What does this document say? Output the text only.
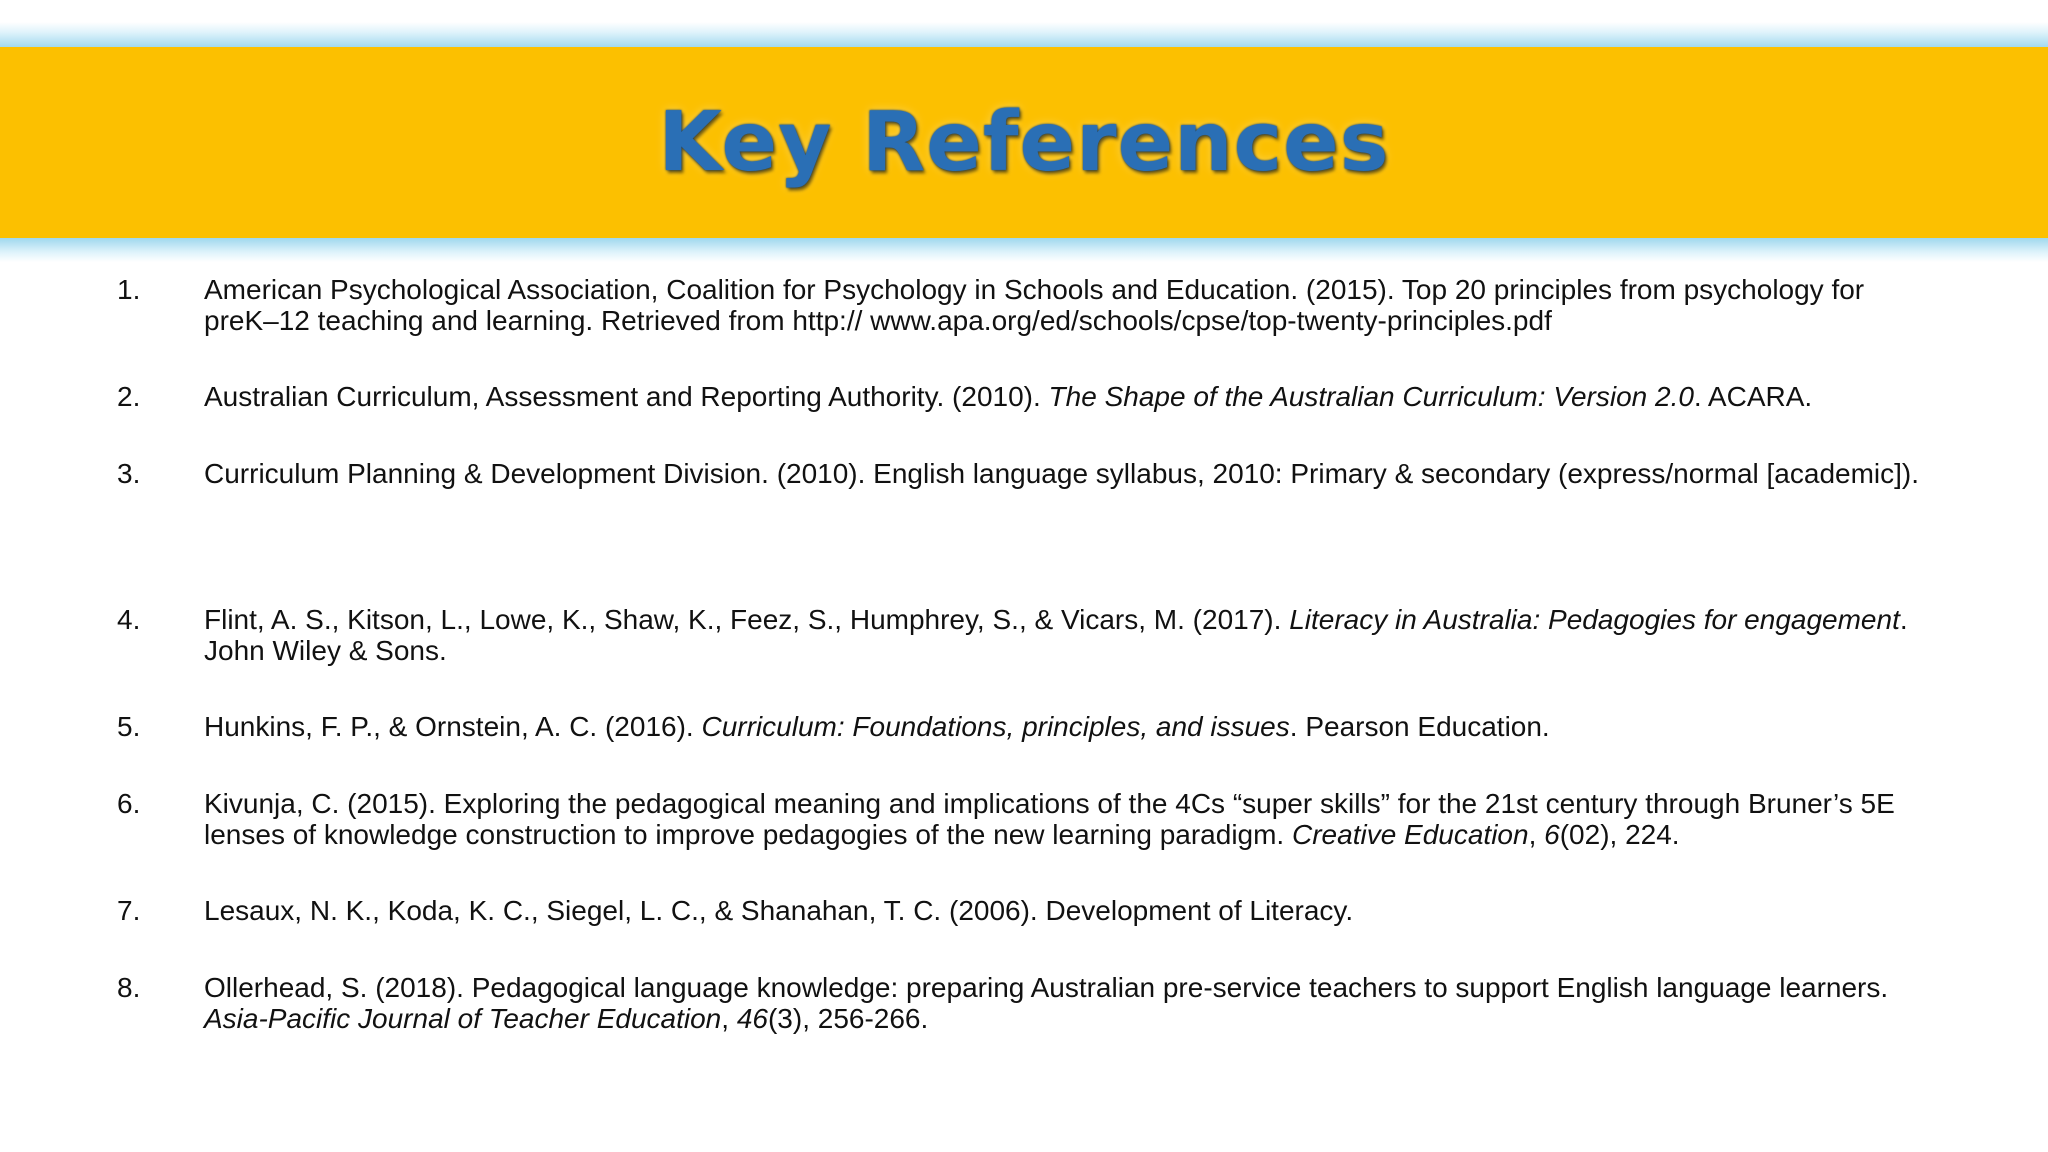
Key References
1. American Psychological Association, Coalition for Psychology in Schools and Education. (2015). Top 20 principles from psychology for preK–12 teaching and learning. Retrieved from http:// www.apa.org/ed/schools/cpse/top-twenty-principles.pdf
2. Australian Curriculum, Assessment and Reporting Authority. (2010). The Shape of the Australian Curriculum: Version 2.0. ACARA.
3. Curriculum Planning & Development Division. (2010). English language syllabus, 2010: Primary & secondary (express/normal [academic]).
4. Flint, A. S., Kitson, L., Lowe, K., Shaw, K., Feez, S., Humphrey, S., & Vicars, M. (2017). Literacy in Australia: Pedagogies for engagement. John Wiley & Sons.
5. Hunkins, F. P., & Ornstein, A. C. (2016). Curriculum: Foundations, principles, and issues. Pearson Education.
6. Kivunja, C. (2015). Exploring the pedagogical meaning and implications of the 4Cs “super skills” for the 21st century through Bruner’s 5E lenses of knowledge construction to improve pedagogies of the new learning paradigm. Creative Education, 6(02), 224.
7. Lesaux, N. K., Koda, K. C., Siegel, L. C., & Shanahan, T. C. (2006). Development of Literacy.
8. Ollerhead, S. (2018). Pedagogical language knowledge: preparing Australian pre-service teachers to support English language learners. Asia-Pacific Journal of Teacher Education, 46(3), 256-266.
